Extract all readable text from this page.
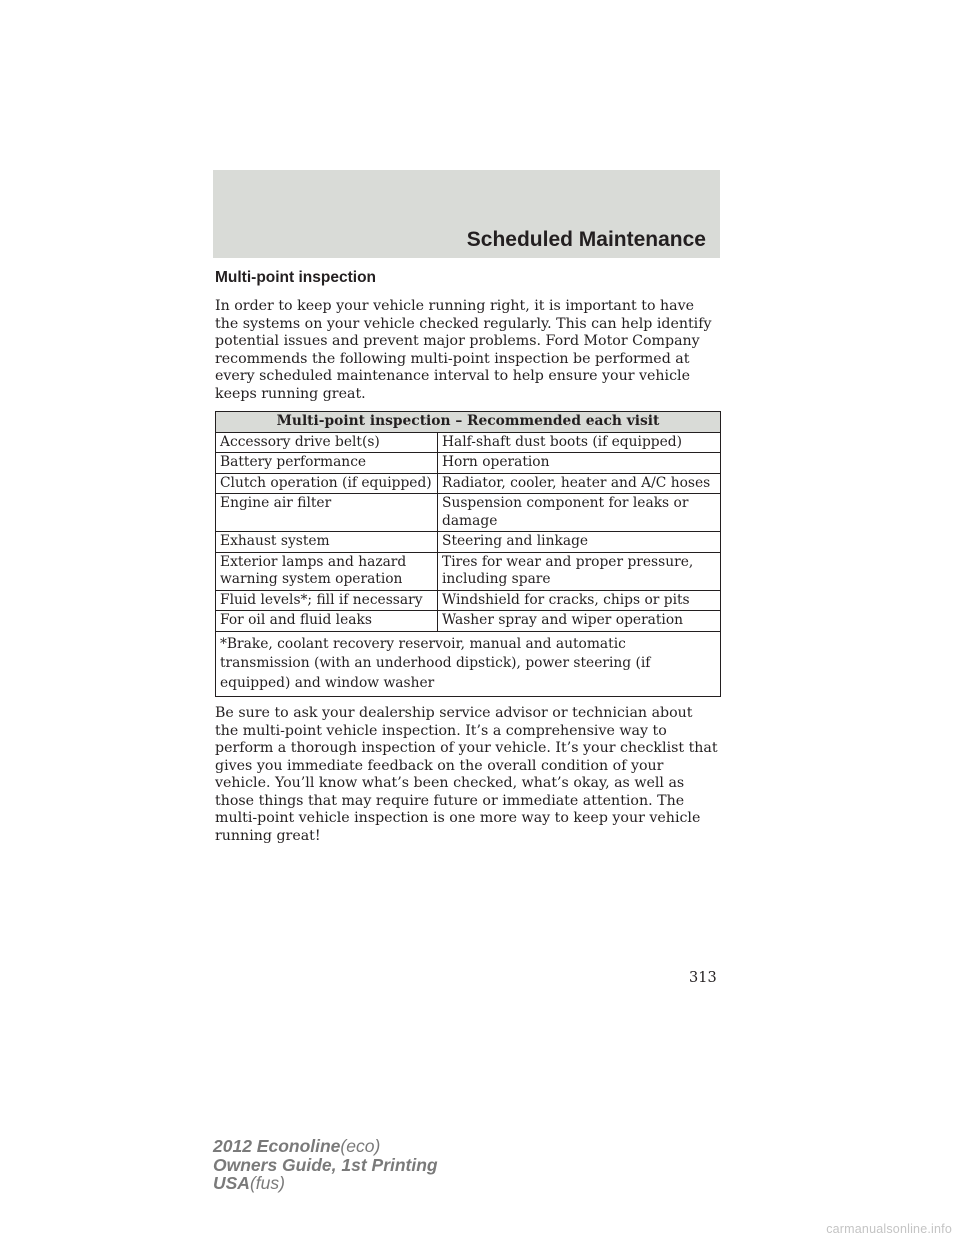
Scheduled Maintenance
Multi-point inspection

In order to keep your vehicle running right, it is important to have the systems on your vehicle checked regularly. This can help identify potential issues and prevent major problems. Ford Motor Company recommends the following multi-point inspection be performed at every scheduled maintenance interval to help ensure your vehicle keeps running great.

Multi-point inspection – Recommended each visit	
Accessory drive belt(s)	Half-shaft dust boots (if equipped)
Battery performance	Horn operation
Clutch operation (if equipped)	Radiator, cooler, heater and A/C hoses
Engine air filter	Suspension component for leaks or damage
Exhaust system	Steering and linkage
Exterior lamps and hazard warning system operation	Tires for wear and proper pressure, including spare
Fluid levels*; fill if necessary	Windshield for cracks, chips or pits
For oil and fluid leaks	Washer spray and wiper operation
*Brake, coolant recovery reservoir, manual and automatic transmission (with an underhood dipstick), power steering (if equipped) and window washer	

Be sure to ask your dealership service advisor or technician about the multi-point vehicle inspection. It’s a comprehensive way to perform a thorough inspection of your vehicle. It’s your checklist that gives you immediate feedback on the overall condition of your vehicle. You’ll know what’s been checked, what’s okay, as well as those things that may require future or immediate attention. The multi-point vehicle inspection is one more way to keep your vehicle running great!

313
2012 Econoline(eco)
Owners Guide, 1st Printing
USA(fus)
carmanualsonline.info
